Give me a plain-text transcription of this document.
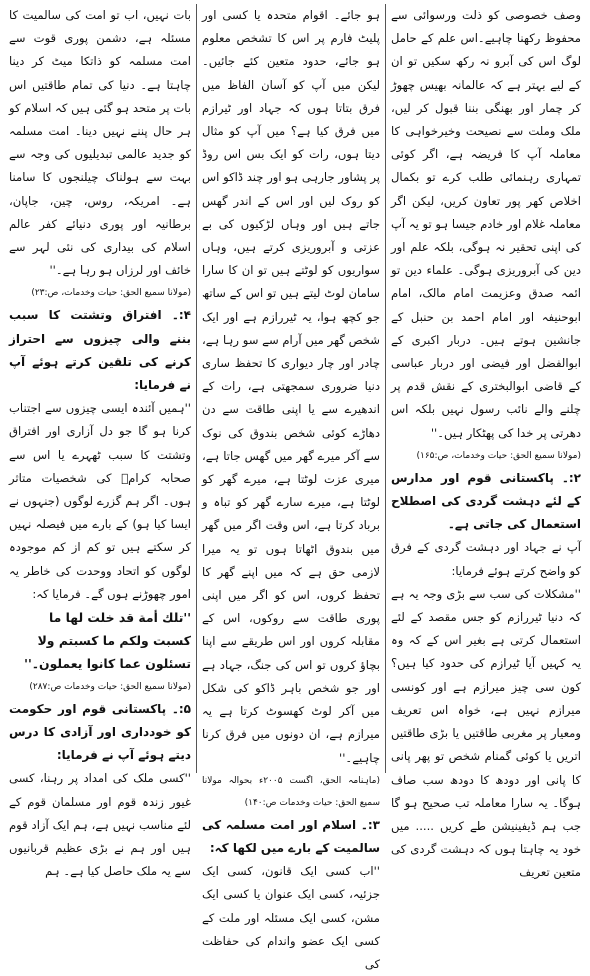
وصف خصوصی کو ذلت ورسوائی سے محفوظ رکھنا چاہیے۔اس علم کے حامل لوگ اس کی آبرو نہ رکھ سکیں تو ان کے لیے بہتر ہے کہ عالمانہ بھیس چھوڑ کر چمار اور بھنگی بننا قبول کر لیں، ملک وملت سے نصیحت وخیرخواہی کا معاملہ آپ کا فریضہ ہے، اگر کوئی تمہاری رہنمائی طلب کرے تو بکمال اخلاص کھر پور تعاون کریں، لیکن اگر معاملہ غلام اور خادم جیسا ہو تو یہ آپ کی اپنی تحقیر نہ ہوگی، بلکہ علم اور دین کی آبروریزی ہوگی۔ علماء دین تو ائمہ صدق وعزیمت امام مالک، امام ابوحنیفہ اور امام احمد بن حنبل کے جانشین ہوتے ہیں۔ دربار اکبری کے ابوالفضل اور فیضی اور دربار عباسی کے قاضی ابوالبختری کے نقش قدم پر چلنے والے نائب رسول نہیں بلکہ اس دھرتی پر خدا کی پھٹکار ہیں۔''

(مولانا سمیع الحق: حیات وخدمات، ص:۱۶۵)

۲:۔ پاکستانی قوم اور مدارس کے لئے دہشت گردی کی اصطلاح استعمال کی جاتی ہے۔

آپ نے جہاد اور دہشت گردی کے فرق کو واضح کرتے ہوئے فرمایا:

''مشکلات کی سب سے بڑی وجہ یہ ہے کہ دنیا ٹیررازم کو جس مقصد کے لئے استعمال کرتی ہے بغیر اس کے کہ وہ یہ کہیں آیا ٹیرازم کی حدود کیا ہیں؟ کون سی چیز میرازم ہے اور کونسی میرازم نہیں ہے، خواہ اس تعریف ومعیار پر مغربی طاقتیں یا بڑی طاقتیں اتریں یا کوئی گمنام شخص تو پھر پانی کا پانی اور دودھ کا دودھ سب صاف ہوگا۔ یہ سارا معاملہ تب صحیح ہو گا جب ہم ڈیفینیشن طے کریں ..... میں خود یہ چاہتا ہوں کہ دہشت گردی کی متعین تعریف

ہو جائے۔ اقوام متحدہ یا کسی اور پلیٹ فارم پر اس کا تشخص معلوم ہو جائے، حدود متعین کئے جائیں۔ لیکن میں آپ کو آسان الفاظ میں فرق بتاتا ہوں کہ جہاد اور ٹیرازم میں فرق کیا ہے؟ میں آپ کو مثال دیتا ہوں، رات کو ایک بس اس روڈ پر پشاور جارہی ہو اور چند ڈاکو اس کو روک لیں اور اس کے اندر گھس جاتے ہیں اور وہاں لڑکیوں کی بے عزتی و آبروریزی کرتے ہیں، وہاں سواریوں کو لوٹتے ہیں تو ان کا سارا سامان لوٹ لیتے ہیں تو اس کے ساتھ جو کچھ ہوا، یہ ٹیررازم ہے اور ایک شخص گھر میں آرام سے سو رہا ہے، چادر اور چار دیواری کا تحفظ ساری دنیا ضروری سمجھتی ہے، رات کے اندھیرے سے یا اپنی طاقت سے دن دھاڑے کوئی شخص بندوق کی نوک سے آکر میرے گھر میں گھس جاتا ہے، میری عزت لوٹتا ہے، میرے گھر کو لوٹتا ہے، میرے سارے گھر کو تباہ و برباد کرتا ہے، اس وقت اگر میں گھر میں بندوق اٹھاتا ہوں تو یہ میرا لازمی حق ہے کہ میں اپنے گھر کا تحفظ کروں، اس کو اگر میں اپنی پوری طاقت سے روکوں، اس کے مقابلہ کروں اور اس طریقے سے اپنا بچاؤ کروں تو اس کی جنگ، جہاد ہے اور جو شخص باہر ڈاکو کی شکل میں آکر لوٹ کھسوٹ کرتا ہے یہ میرازم ہے، ان دونوں میں فرق کرنا چاہیے۔''

(ماہنامہ الحق، اگست ۲۰۰۵ء بحوالہ مولانا سمیع الحق: حیات وخدمات ص:۱۴۰)

۳:۔ اسلام اور امت مسلمہ کی سالمیت کے بارے میں لکھا کہ:

''اب کسی ایک قانون، کسی ایک جزئیہ، کسی ایک عنوان یا کسی ایک مشن، کسی ایک مسئلہ اور ملت کے کسی ایک عضو واندام کی حفاظت کی

بات نہیں، اب تو امت کی سالمیت کا مسئلہ ہے، دشمن پوری قوت سے امت مسلمہ کو ذاتکا میٹ کر دینا چاہتا ہے۔ دنیا کی تمام طاقتیں اس بات پر متحد ہو گئی ہیں کہ اسلام کو ہر حال پننے نہیں دینا۔ امت مسلمہ کو جدید عالمی تبدیلیوں کی وجہ سے بہت سے ہولناک چیلنجوں کا سامنا ہے۔ امریکہ، روس، چین، جاپان، برطانیہ اور پوری دنیائے کفر عالم اسلام کی بیداری کی نئی لہر سے خائف اور لرزاں ہو رہا ہے۔''

(مولانا سمیع الحق: حیات وخدمات، ص:۲۳)

۴:۔ افتراق وتشتت کا سبب بننے والی چیزوں سے احتراز کرنے کی تلقین کرتے ہوئے آپ نے فرمایا:

''ہمیں آئندہ ایسی چیزوں سے اجتناب کرنا ہو گا جو دل آزاری اور افتراق وتشتت کا سبب ٹھہرے یا اس سے صحابہ کرامؓ کی شخصیات متاثر ہوں۔ اگر ہم گزرے لوگوں (جنہوں نے ایسا کیا ہو) کے بارے میں فیصلہ نہیں کر سکتے ہیں تو کم از کم موجودہ لوگوں کو اتحاد ووحدت کی خاطر یہ امور چھوڑنے ہوں گے۔ فرمایا کہ:

''تلك أمة قد خلت لها ما كسبت ولكم ما كسبتم ولا تسئلون عما كانوا يعملون۔''

(مولانا سمیع الحق: حیات وخدمات ص:۲۸۷)

۵:۔ پاکستانی قوم اور حکومت کو خودداری اور آزادی کا درس دیتے ہوئے آپ نے فرمایا:

''کسی ملک کی امداد پر رہنا، کسی غیور زندہ قوم اور مسلمان قوم کے لئے مناسب نہیں ہے، ہم ایک آزاد قوم ہیں اور ہم نے بڑی عظیم قربانیوں سے یہ ملک حاصل کیا ہے۔ ہم
